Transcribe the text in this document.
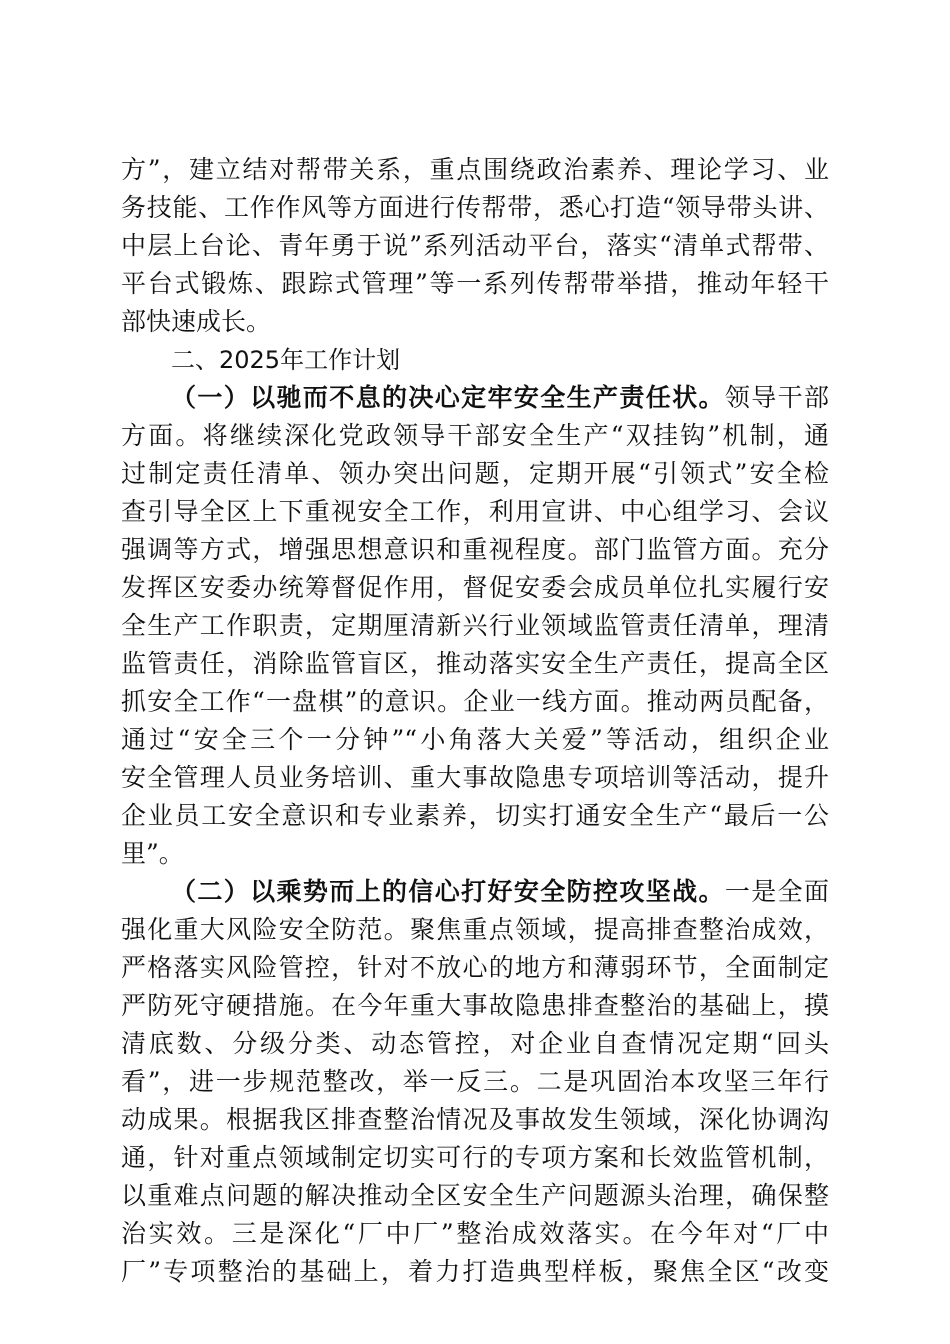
方”，建立结对帮带关系，重点围绕政治素养、理论学习、业
务技能、工作作风等方面进行传帮带，悉心打造“领导带头讲、
中层上台论、青年勇于说”系列活动平台，落实“清单式帮带、
平台式锻炼、跟踪式管理”等一系列传帮带举措，推动年轻干
部快速成长。
二、2025年工作计划
（一）以驰而不息的决心定牢安全生产责任状。领导干部
方面。将继续深化党政领导干部安全生产“双挂钩”机制，通
过制定责任清单、领办突出问题，定期开展“引领式”安全检
查引导全区上下重视安全工作，利用宣讲、中心组学习、会议
强调等方式，增强思想意识和重视程度。部门监管方面。充分
发挥区安委办统筹督促作用，督促安委会成员单位扎实履行安
全生产工作职责，定期厘清新兴行业领域监管责任清单，理清
监管责任，消除监管盲区，推动落实安全生产责任，提高全区
抓安全工作“一盘棋”的意识。企业一线方面。推动两员配备，
通过“安全三个一分钟”“小角落大关爱”等活动，组织企业
安全管理人员业务培训、重大事故隐患专项培训等活动，提升
企业员工安全意识和专业素养，切实打通安全生产“最后一公
里”。
（二）以乘势而上的信心打好安全防控攻坚战。一是全面
强化重大风险安全防范。聚焦重点领域，提高排查整治成效，
严格落实风险管控，针对不放心的地方和薄弱环节，全面制定
严防死守硬措施。在今年重大事故隐患排查整治的基础上，摸
清底数、分级分类、动态管控，对企业自查情况定期“回头
看”，进一步规范整改，举一反三。二是巩固治本攻坚三年行
动成果。根据我区排查整治情况及事故发生领域，深化协调沟
通，针对重点领域制定切实可行的专项方案和长效监管机制，
以重难点问题的解决推动全区安全生产问题源头治理，确保整
治实效。三是深化“厂中厂”整治成效落实。在今年对“厂中
厂”专项整治的基础上，着力打造典型样板，聚焦全区“改变
